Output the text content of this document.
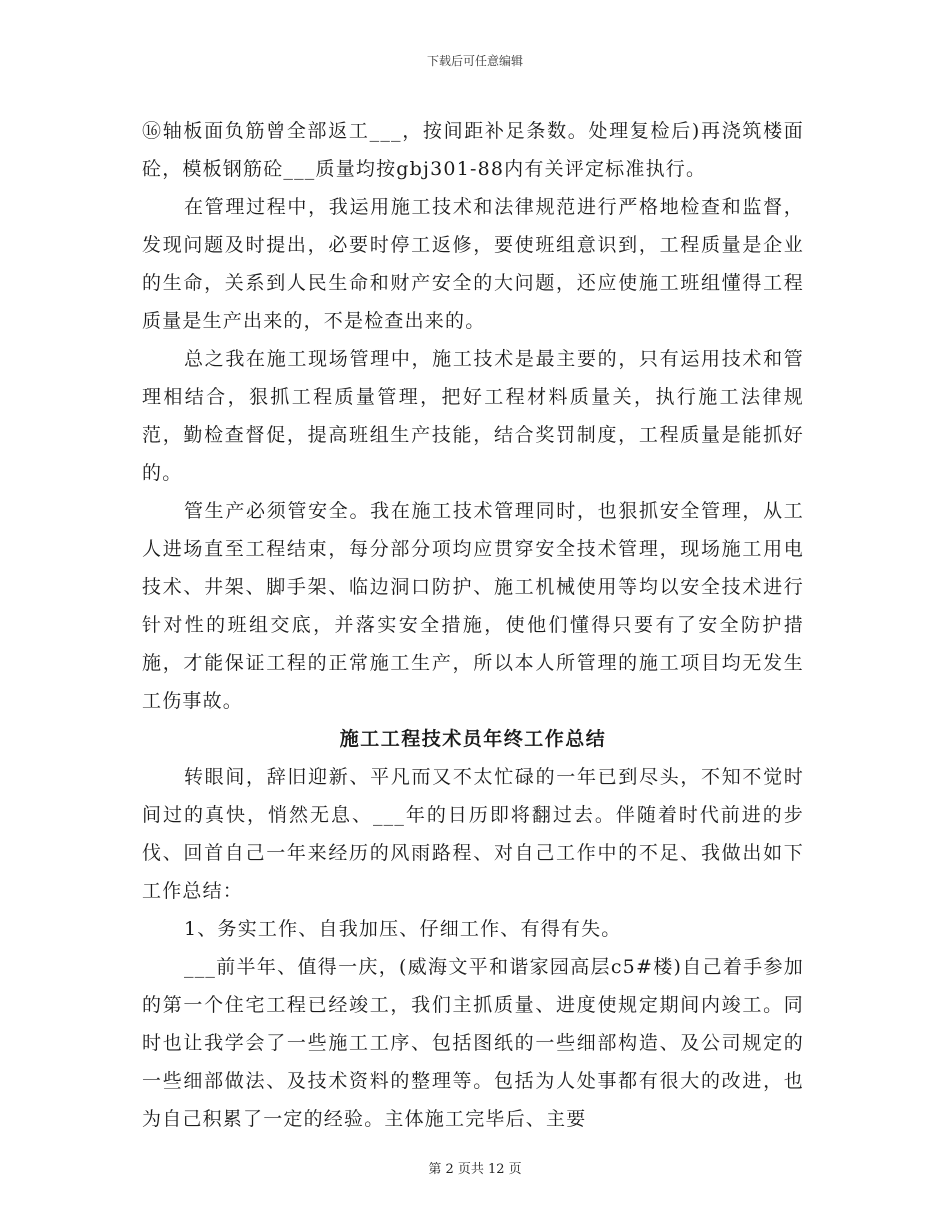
下载后可任意编辑

⑯轴板面负筋曾全部返工___，按间距补足条数。处理复检后)再浇筑楼面砼，模板钢筋砼___质量均按gbj301-88内有关评定标准执行。

在管理过程中，我运用施工技术和法律规范进行严格地检查和监督，发现问题及时提出，必要时停工返修，要使班组意识到，工程质量是企业的生命，关系到人民生命和财产安全的大问题，还应使施工班组懂得工程质量是生产出来的，不是检查出来的。

总之我在施工现场管理中，施工技术是最主要的，只有运用技术和管理相结合，狠抓工程质量管理，把好工程材料质量关，执行施工法律规范，勤检查督促，提高班组生产技能，结合奖罚制度，工程质量是能抓好的。

管生产必须管安全。我在施工技术管理同时，也狠抓安全管理，从工人进场直至工程结束，每分部分项均应贯穿安全技术管理，现场施工用电技术、井架、脚手架、临边洞口防护、施工机械使用等均以安全技术进行针对性的班组交底，并落实安全措施，使他们懂得只要有了安全防护措施，才能保证工程的正常施工生产，所以本人所管理的施工项目均无发生工伤事故。

施工工程技术员年终工作总结

转眼间，辞旧迎新、平凡而又不太忙碌的一年已到尽头，不知不觉时间过的真快，悄然无息、___年的日历即将翻过去。伴随着时代前进的步伐、回首自己一年来经历的风雨路程、对自己工作中的不足、我做出如下工作总结：

1、务实工作、自我加压、仔细工作、有得有失。

___前半年、值得一庆，(威海文平和谐家园高层c5#楼)自己着手参加的第一个住宅工程已经竣工，我们主抓质量、进度使规定期间内竣工。同时也让我学会了一些施工工序、包括图纸的一些细部构造、及公司规定的一些细部做法、及技术资料的整理等。包括为人处事都有很大的改进，也为自己积累了一定的经验。主体施工完毕后、主要

第 2 页共 12 页
